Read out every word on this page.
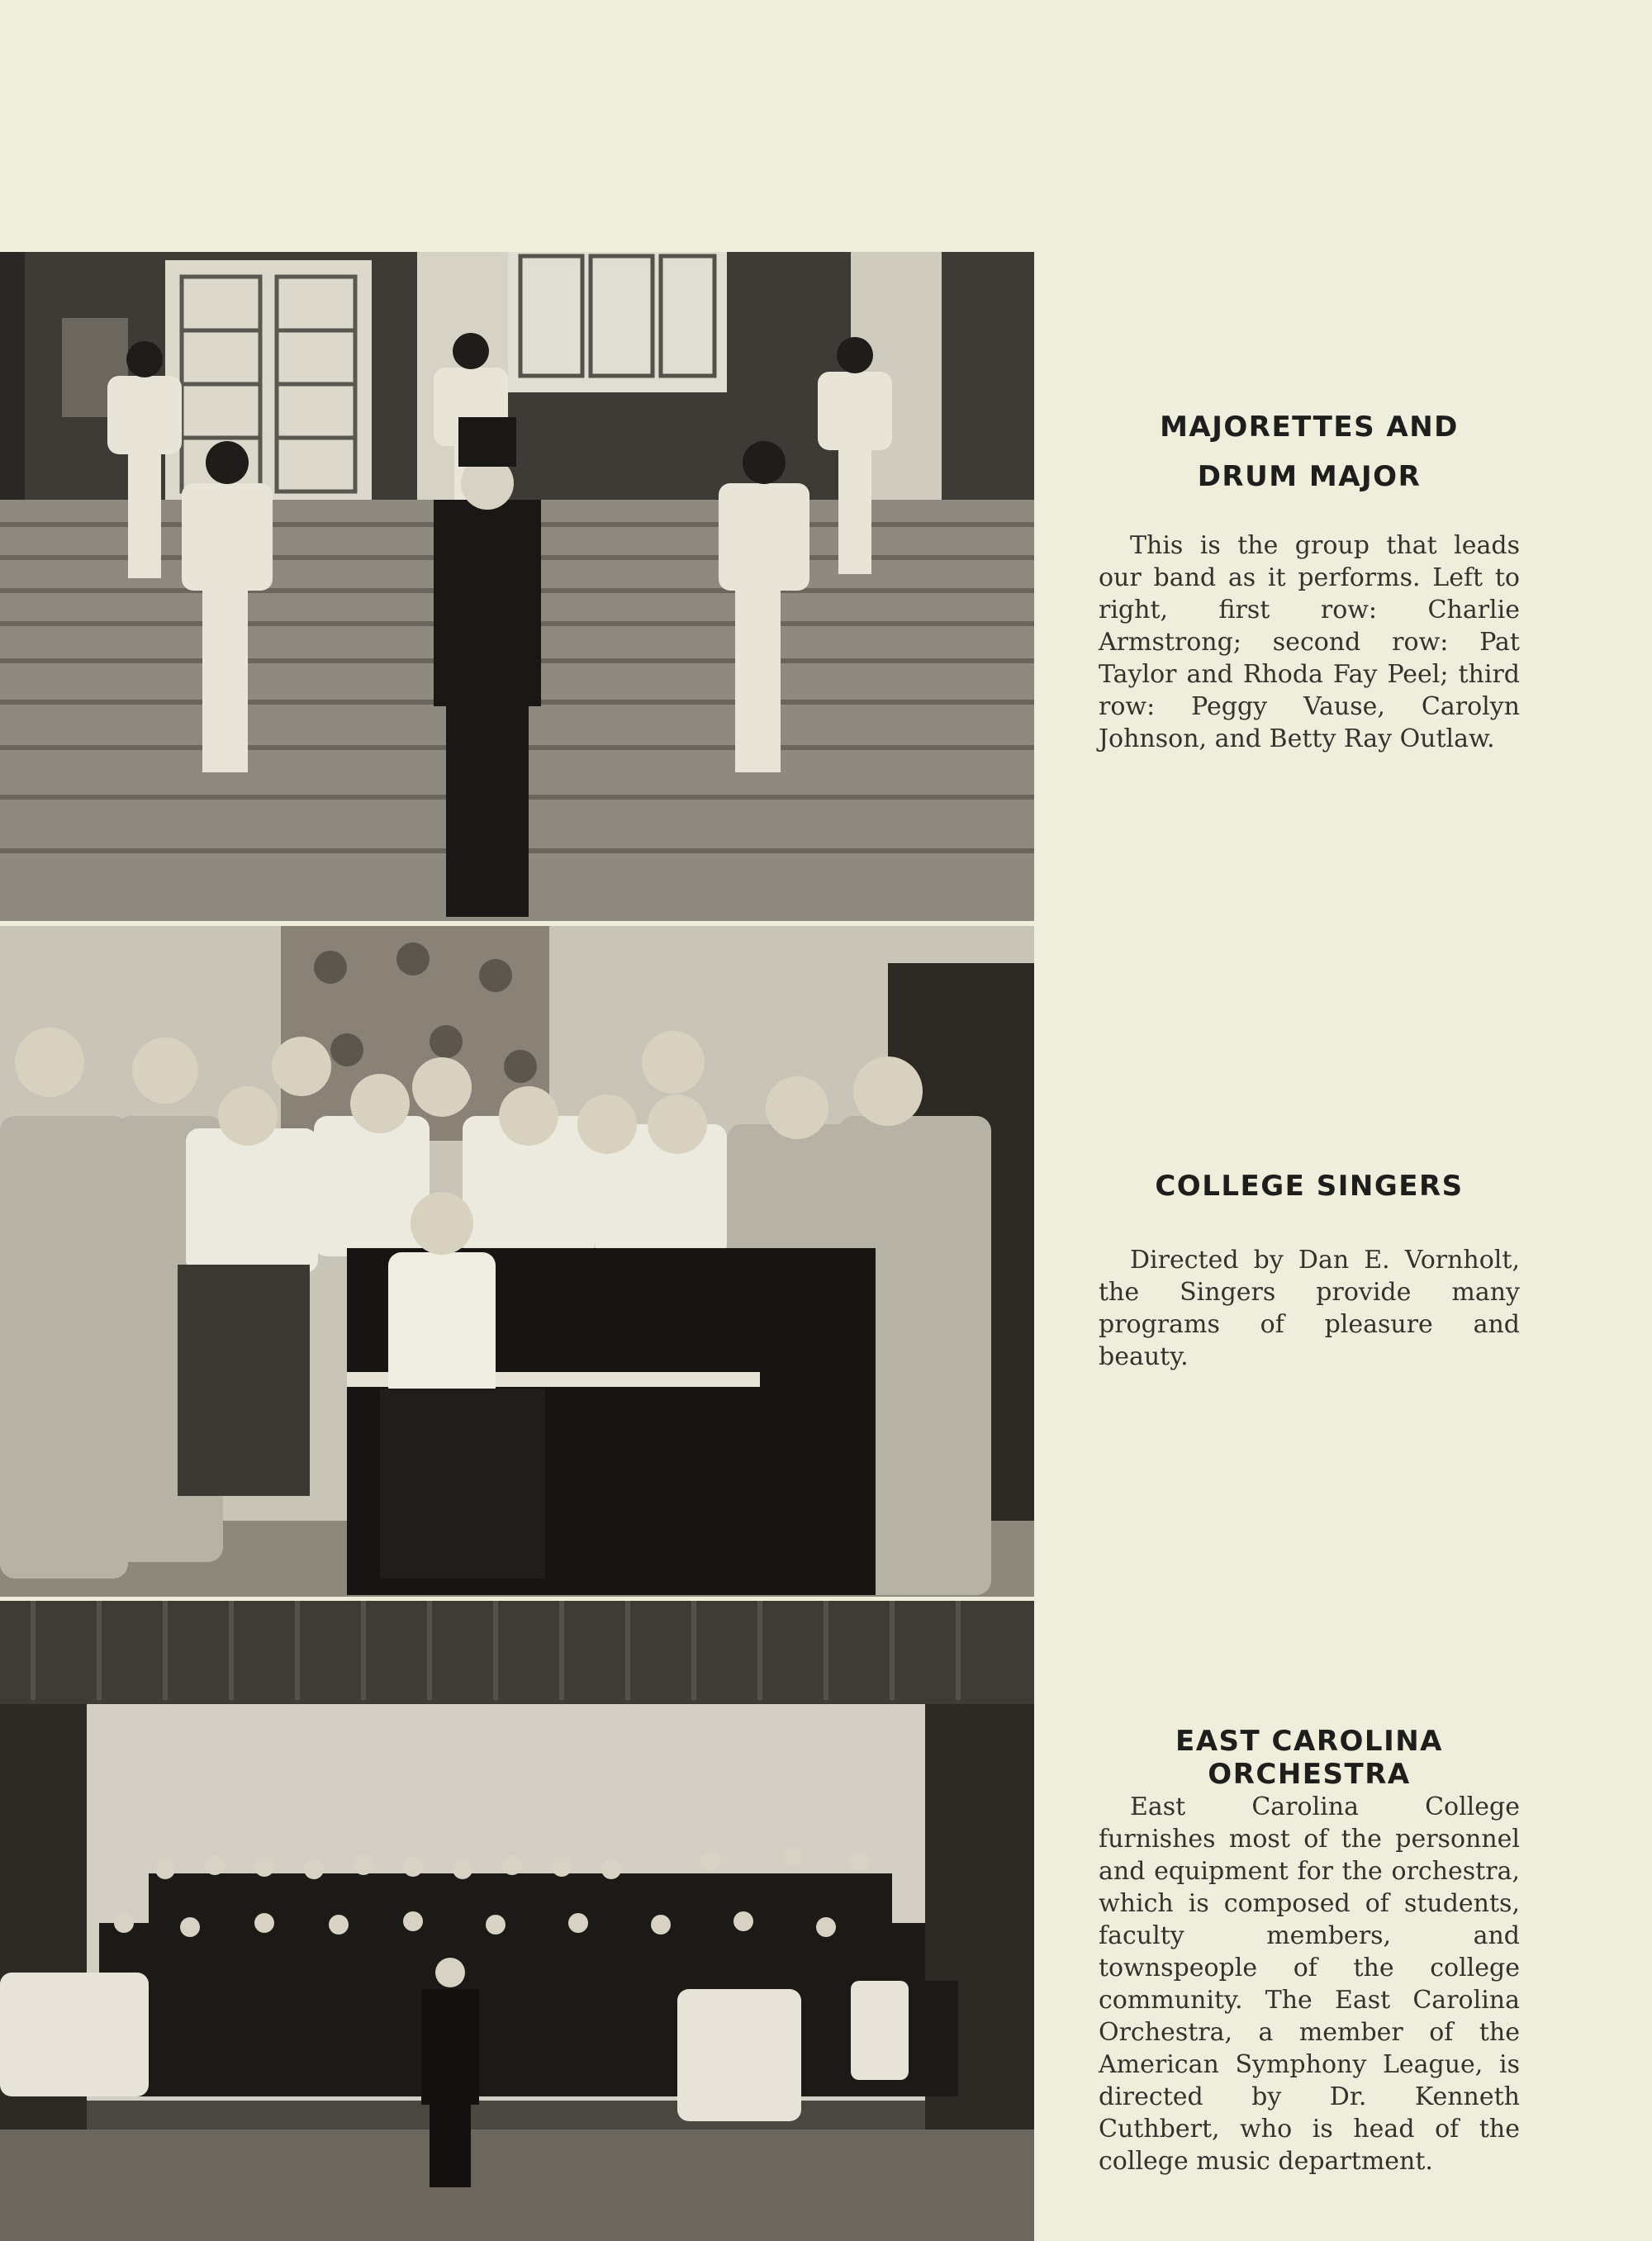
MAJORETTES AND
DRUM MAJOR

This is the group that leads our band as it performs. Left to right, first row: Charlie Armstrong; second row: Pat Taylor and Rhoda Fay Peel; third row: Peggy Vause, Carolyn Johnson, and Betty Ray Outlaw.

COLLEGE SINGERS

Directed by Dan E. Vornholt, the Singers provide many programs of pleasure and beauty.

EAST CAROLINA
ORCHESTRA

East Carolina College furnishes most of the personnel and equipment for the orchestra, which is composed of students, faculty members, and townspeople of the college community. The East Carolina Orchestra, a member of the American Symphony League, is directed by Dr. Kenneth Cuthbert, who is head of the college music department.
